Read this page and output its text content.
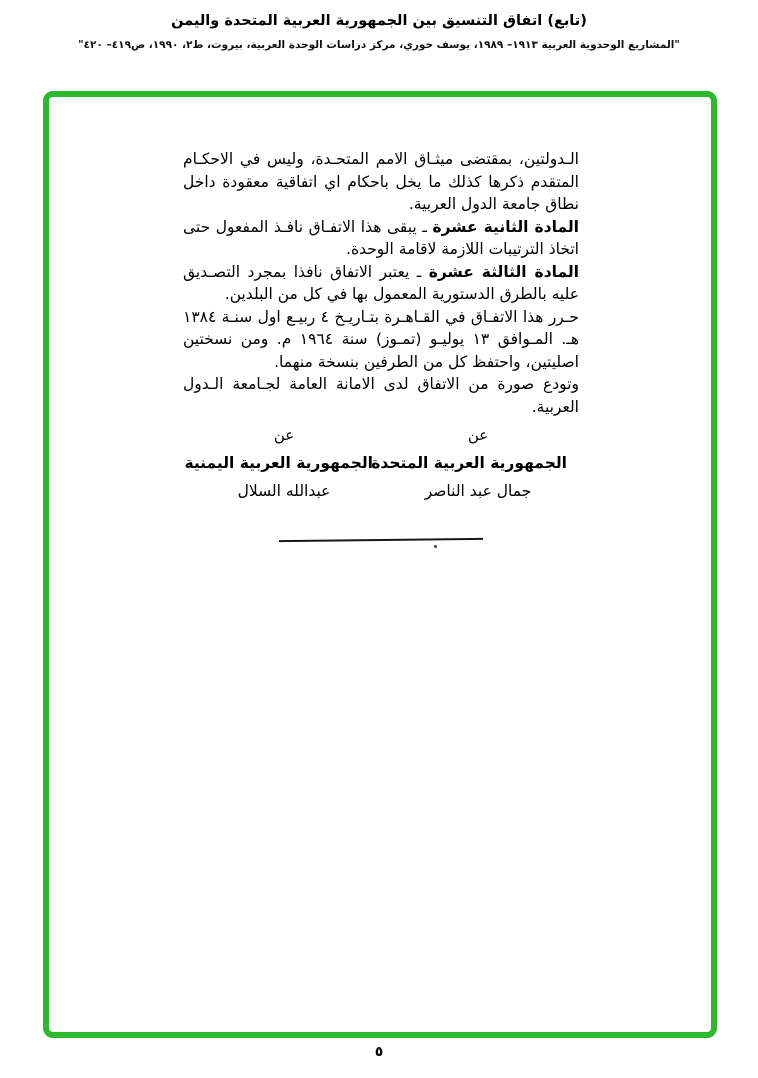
(تابع) اتفاق التنسيق بين الجمهورية العربية المتحدة واليمن
"المشاريع الوحدوية العربية ١٩١٣– ١٩٨٩، يوسف خوري، مركز دراسات الوحدة العربية، بيروت، ط٢، ١٩٩٠، ص٤١٩– ٤٢٠"

الـدولتين، بمقتضى ميثـاق الامم المتحـدة، وليس في الاحكـام المتقدم ذكرها كذلك ما يخل باحكام اي اتفاقية معقودة داخل نطاق جامعة الدول العربية.

المادة الثانية عشرة ـ يبقى هذا الاتفـاق نافـذ المفعول حتى اتخاذ الترتيبات اللازمة لاقامة الوحدة.

المادة الثالثة عشرة ـ يعتبر الاتفاق نافذا بمجرد التصـديق عليه بالطرق الدستورية المعمول بها في كل من البلدين.

حـرر هذا الاتفـاق في القـاهـرة بتـاريـخ ٤ ربيـع اول سنـة ١٣٨٤ هـ. المـوافق ١٣ يوليـو (تمـوز) سنة ١٩٦٤ م. ومن نسختين اصليتين، واحتفظ كل من الطرفين بنسخة منهما.

وتودع صورة من الاتفاق لدى الامانة العامة لجـامعة الـدول العربية.

عن
الجمهورية العربية المتحدة
جمال عبد الناصر
عن
الجمهورية العربية اليمنية
عبدالله السلال
٥
